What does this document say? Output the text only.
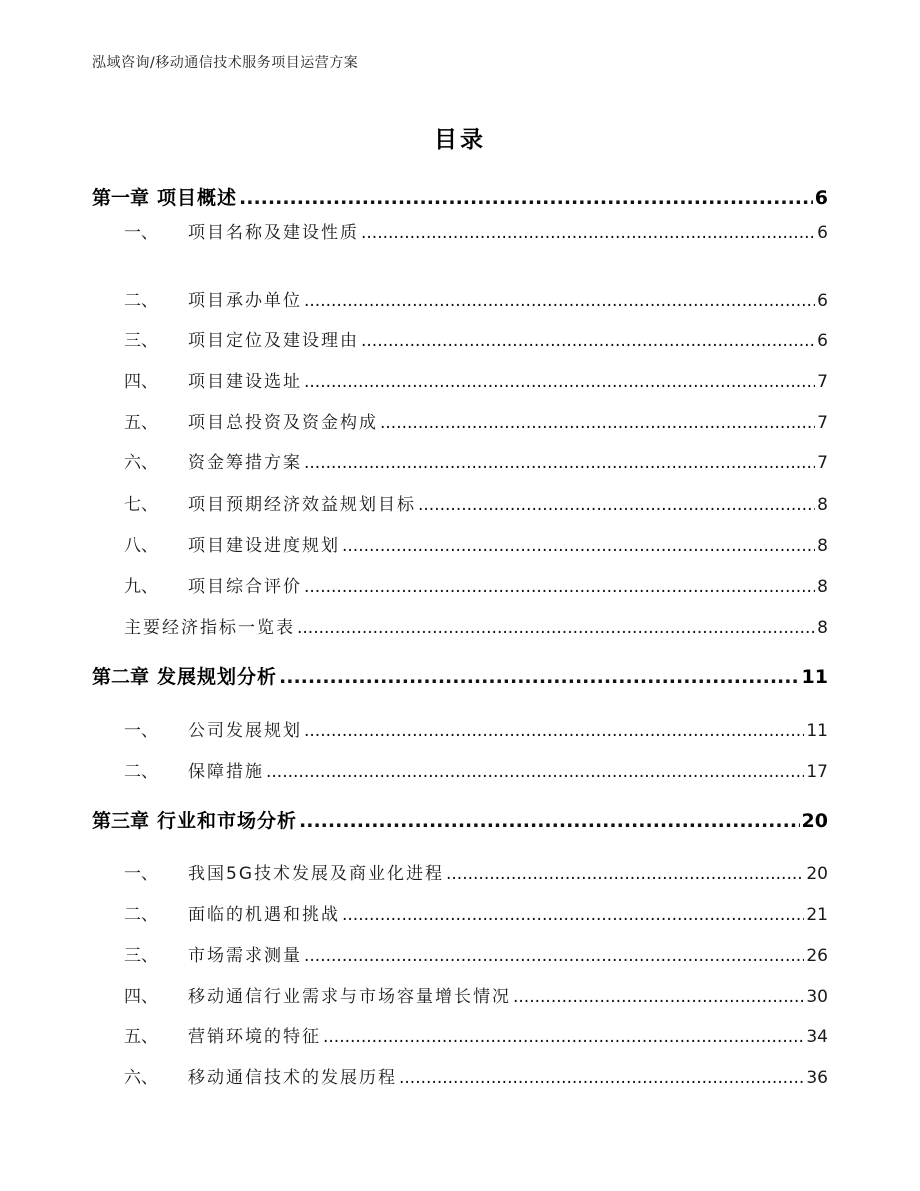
泓域咨询/移动通信技术服务项目运营方案
目录
第一章 项目概述 .....	6
一、 项目名称及建设性质 .....	6
二、 项目承办单位 .....	6
三、 项目定位及建设理由 .....	6
四、 项目建设选址 .....	7
五、 项目总投资及资金构成 .....	7
六、 资金筹措方案 .....	7
七、 项目预期经济效益规划目标 .....	8
八、 项目建设进度规划 .....	8
九、 项目综合评价 .....	8
主要经济指标一览表 .....	8
第二章 发展规划分析 .....	11
一、 公司发展规划 .....	11
二、 保障措施 .....	17
第三章 行业和市场分析 .....	20
一、 我国5G技术发展及商业化进程 .....	20
二、 面临的机遇和挑战 .....	21
三、 市场需求测量 .....	26
四、 移动通信行业需求与市场容量增长情况 .....	30
五、 营销环境的特征 .....	34
六、 移动通信技术的发展历程 .....	36
